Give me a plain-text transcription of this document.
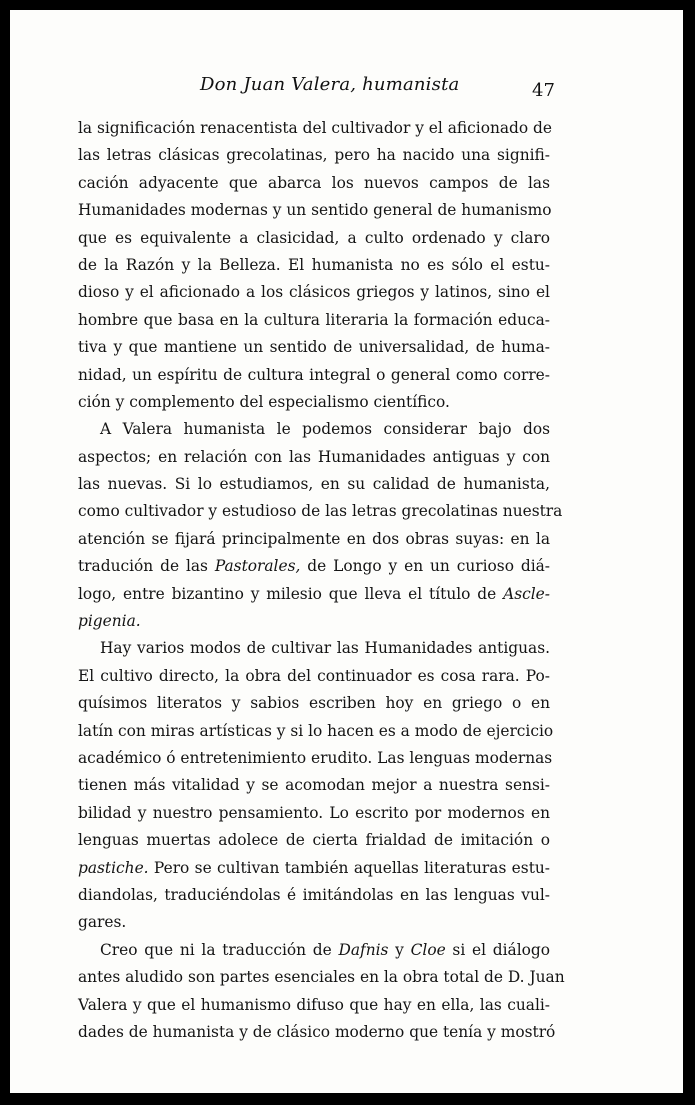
Don Juan Valera, humanista	47
la significación renacentista del cultivador y el aficionado de
las letras clásicas grecolatinas, pero ha nacido una signifi-
cación adyacente que abarca los nuevos campos de las
Humanidades modernas y un sentido general de humanismo
que es equivalente a clasicidad, a culto ordenado y claro
de la Razón y la Belleza. El humanista no es sólo el estu-
dioso y el aficionado a los clásicos griegos y latinos, sino el
hombre que basa en la cultura literaria la formación educa-
tiva y que mantiene un sentido de universalidad, de huma-
nidad, un espíritu de cultura integral o general como corre-
ción y complemento del especialismo científico.
A Valera humanista le podemos considerar bajo dos
aspectos; en relación con las Humanidades antiguas y con
las nuevas. Si lo estudiamos, en su calidad de humanista,
como cultivador y estudioso de las letras grecolatinas nuestra
atención se fijará principalmente en dos obras suyas: en la
tradución de las Pastorales, de Longo y en un curioso diá-
logo, entre bizantino y milesio que lleva el título de Ascle-
pigenia.
Hay varios modos de cultivar las Humanidades antiguas.
El cultivo directo, la obra del continuador es cosa rara. Po-
quísimos literatos y sabios escriben hoy en griego o en
latín con miras artísticas y si lo hacen es a modo de ejercicio
académico ó entretenimiento erudito. Las lenguas modernas
tienen más vitalidad y se acomodan mejor a nuestra sensi-
bilidad y nuestro pensamiento. Lo escrito por modernos en
lenguas muertas adolece de cierta frialdad de imitación o
pastiche. Pero se cultivan también aquellas literaturas estu-
diandolas, traduciéndolas é imitándolas en las lenguas vul-
gares.
Creo que ni la traducción de Dafnis y Cloe si el diálogo
antes aludido son partes esenciales en la obra total de D. Juan
Valera y que el humanismo difuso que hay en ella, las cuali-
dades de humanista y de clásico moderno que tenía y mostró
